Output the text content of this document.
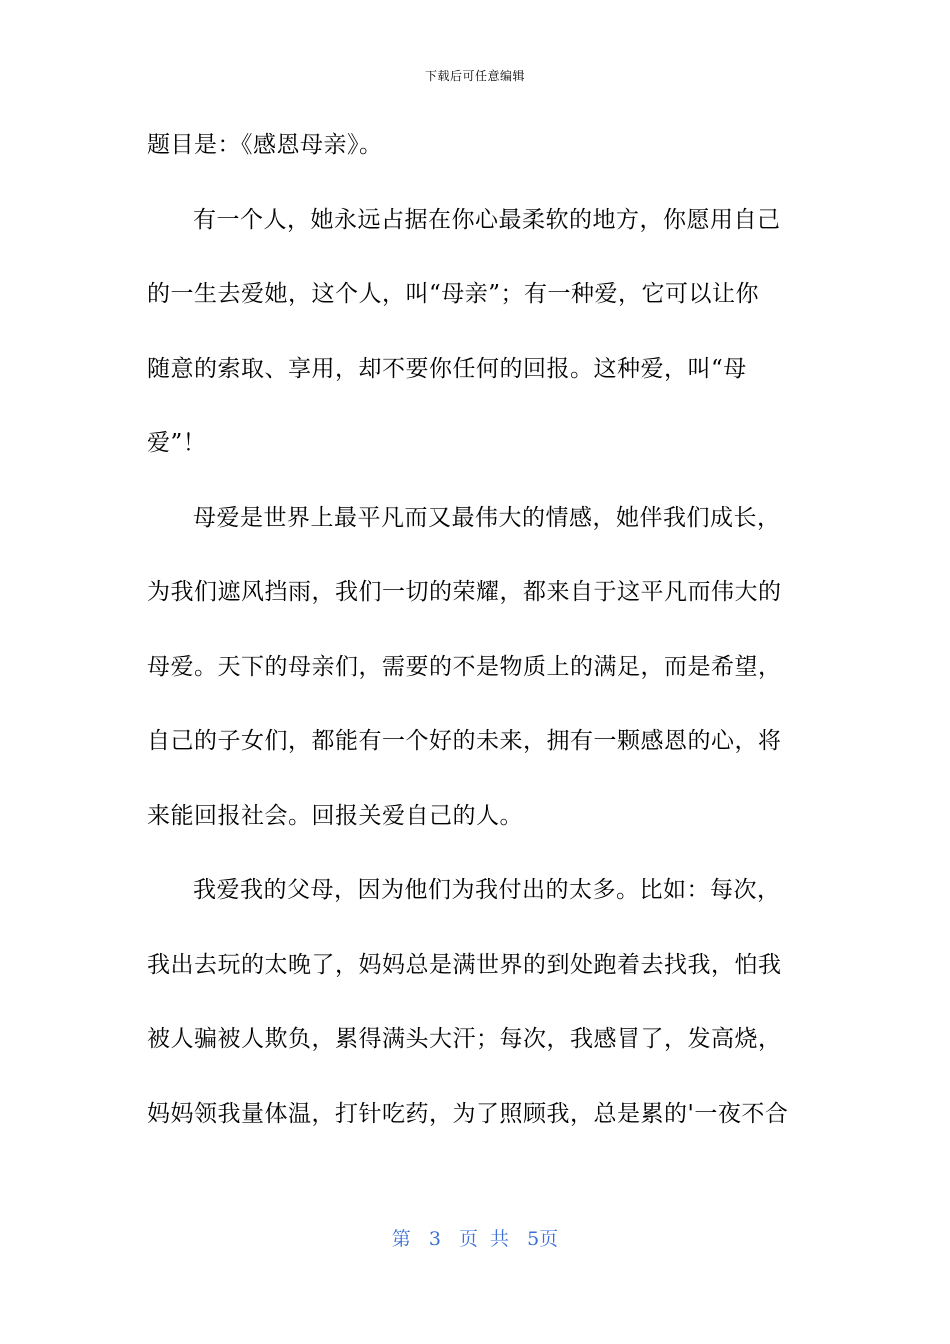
下载后可任意编辑
题目是：《感恩母亲》。
有一个人，她永远占据在你心最柔软的地方，你愿用自己
的一生去爱她，这个人，叫“母亲”；有一种爱，它可以让你
随意的索取、享用，却不要你任何的回报。这种爱，叫“母
爱”！
母爱是世界上最平凡而又最伟大的情感，她伴我们成长，
为我们遮风挡雨，我们一切的荣耀，都来自于这平凡而伟大的
母爱。天下的母亲们，需要的不是物质上的满足，而是希望，
自己的子女们，都能有一个好的未来，拥有一颗感恩的心，将
来能回报社会。回报关爱自己的人。
我爱我的父母，因为他们为我付出的太多。比如：每次，
我出去玩的太晚了，妈妈总是满世界的到处跑着去找我，怕我
被人骗被人欺负，累得满头大汗；每次，我感冒了，发高烧，
妈妈领我量体温，打针吃药，为了照顾我，总是累的'一夜不合
第 3 页 共 5页
